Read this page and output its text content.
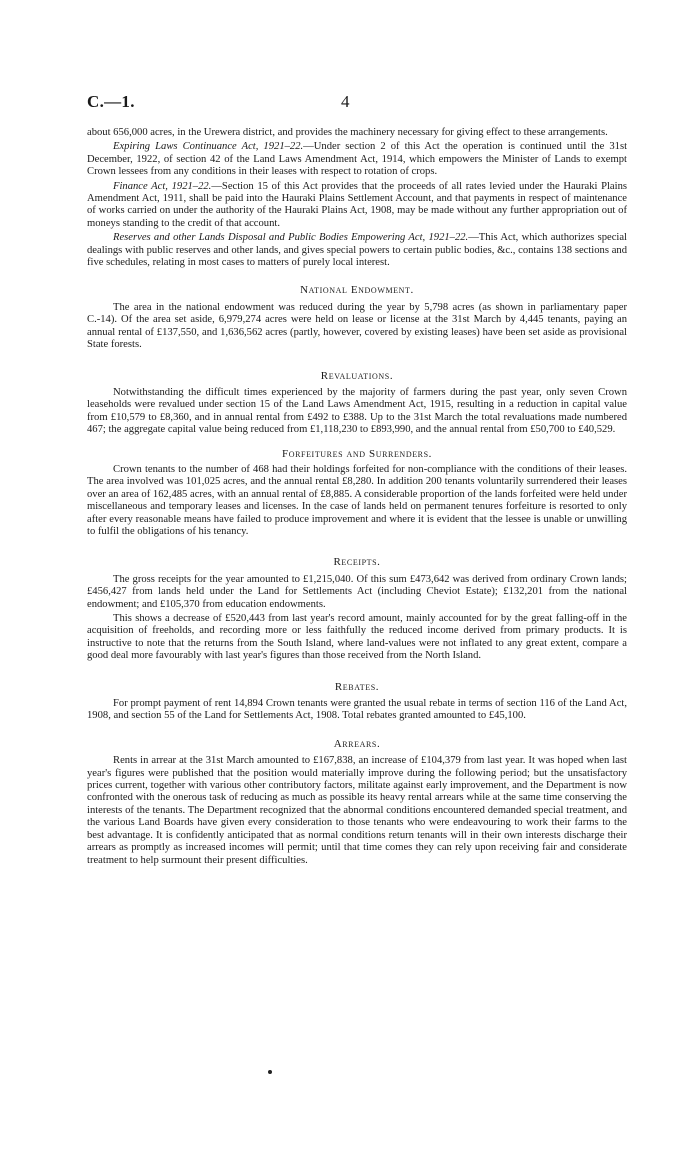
C.—1.	4

about 656,000 acres, in the Urewera district, and provides the machinery necessary for giving effect to these arrangements.

Expiring Laws Continuance Act, 1921–22.—Under section 2 of this Act the operation is continued until the 31st December, 1922, of section 42 of the Land Laws Amendment Act, 1914, which empowers the Minister of Lands to exempt Crown lessees from any conditions in their leases with respect to rotation of crops.

Finance Act, 1921–22.—Section 15 of this Act provides that the proceeds of all rates levied under the Hauraki Plains Amendment Act, 1911, shall be paid into the Hauraki Plains Settlement Account, and that payments in respect of maintenance of works carried on under the authority of the Hauraki Plains Act, 1908, may be made without any further appropriation out of moneys standing to the credit of that account.

Reserves and other Lands Disposal and Public Bodies Empowering Act, 1921–22.—This Act, which authorizes special dealings with public reserves and other lands, and gives special powers to certain public bodies, &c., contains 138 sections and five schedules, relating in most cases to matters of purely local interest.

National Endowment.

The area in the national endowment was reduced during the year by 5,798 acres (as shown in parliamentary paper C.-14). Of the area set aside, 6,979,274 acres were held on lease or license at the 31st March by 4,445 tenants, paying an annual rental of £137,550, and 1,636,562 acres (partly, however, covered by existing leases) have been set aside as provisional State forests.

Revaluations.

Notwithstanding the difficult times experienced by the majority of farmers during the past year, only seven Crown leaseholds were revalued under section 15 of the Land Laws Amendment Act, 1915, resulting in a reduction in capital value from £10,579 to £8,360, and in annual rental from £492 to £388. Up to the 31st March the total revaluations made numbered 467; the aggregate capital value being reduced from £1,118,230 to £893,990, and the annual rental from £50,700 to £40,529.

Forfeitures and Surrenders.

Crown tenants to the number of 468 had their holdings forfeited for non-compliance with the conditions of their leases. The area involved was 101,025 acres, and the annual rental £8,280. In addition 200 tenants voluntarily surrendered their leases over an area of 162,485 acres, with an annual rental of £8,885. A considerable proportion of the lands forfeited were held under miscellaneous and temporary leases and licenses. In the case of lands held on permanent tenures forfeiture is resorted to only after every reasonable means have failed to produce improvement and where it is evident that the lessee is unable or unwilling to fulfil the obligations of his tenancy.

Receipts.

The gross receipts for the year amounted to £1,215,040. Of this sum £473,642 was derived from ordinary Crown lands; £456,427 from lands held under the Land for Settlements Act (including Cheviot Estate); £132,201 from the national endowment; and £105,370 from education endowments.

This shows a decrease of £520,443 from last year's record amount, mainly accounted for by the great falling-off in the acquisition of freeholds, and recording more or less faithfully the reduced income derived from primary products. It is instructive to note that the returns from the South Island, where land-values were not inflated to any great extent, compare a good deal more favourably with last year's figures than those received from the North Island.

Rebates.

For prompt payment of rent 14,894 Crown tenants were granted the usual rebate in terms of section 116 of the Land Act, 1908, and section 55 of the Land for Settlements Act, 1908. Total rebates granted amounted to £45,100.

Arrears.

Rents in arrear at the 31st March amounted to £167,838, an increase of £104,379 from last year. It was hoped when last year's figures were published that the position would materially improve during the following period; but the unsatisfactory prices current, together with various other contributory factors, militate against early improvement, and the Department is now confronted with the onerous task of reducing as much as possible its heavy rental arrears while at the same time conserving the interests of the tenants. The Department recognized that the abnormal conditions encountered demanded special treatment, and the various Land Boards have given every consideration to those tenants who were endeavouring to work their farms to the best advantage. It is confidently anticipated that as normal conditions return tenants will in their own interests discharge their arrears as promptly as increased incomes will permit; until that time comes they can rely upon receiving fair and considerate treatment to help surmount their present difficulties.
